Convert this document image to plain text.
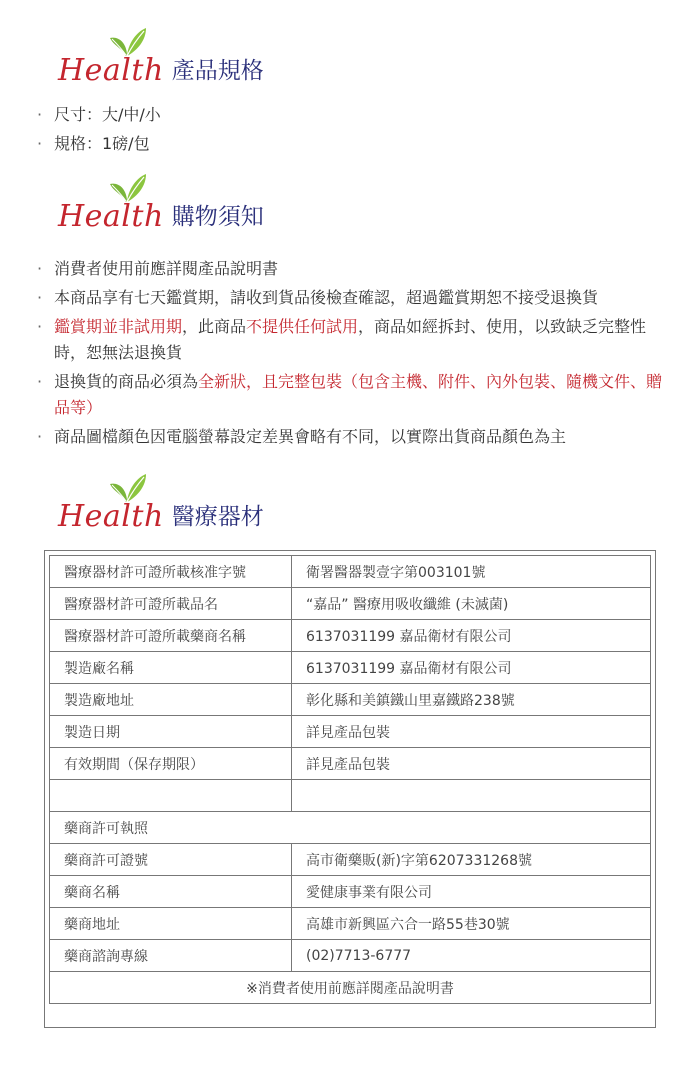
Health 產品規格
· 尺寸：大/中/小
· 規格：1磅/包
Health 購物須知
· 消費者使用前應詳閱產品說明書
· 本商品享有七天鑑賞期，請收到貨品後檢查確認，超過鑑賞期恕不接受退換貨
· 鑑賞期並非試用期，此商品不提供任何試用，商品如經拆封、使用，以致缺乏完整性時，恕無法退換貨
· 退換貨的商品必須為全新狀，且完整包裝（包含主機、附件、內外包裝、隨機文件、贈品等）
· 商品圖檔顏色因電腦螢幕設定差異會略有不同，以實際出貨商品顏色為主
Health 醫療器材
醫療器材許可證所載核准字號	衛署醫器製壹字第003101號
醫療器材許可證所載品名	“嘉品” 醫療用吸收纖維 (未滅菌)
醫療器材許可證所載藥商名稱	6137031199 嘉品衛材有限公司
製造廠名稱	6137031199 嘉品衛材有限公司
製造廠地址	彰化縣和美鎮鐵山里嘉鐵路238號
製造日期	詳見產品包裝
有效期間（保存期限）	詳見產品包裝

藥商許可執照	
藥商許可證號	高市衛藥販(新)字第6207331268號
藥商名稱	愛健康事業有限公司
藥商地址	高雄市新興區六合一路55巷30號
藥商諮詢專線	(02)7713-6777
※消費者使用前應詳閱產品說明書	
